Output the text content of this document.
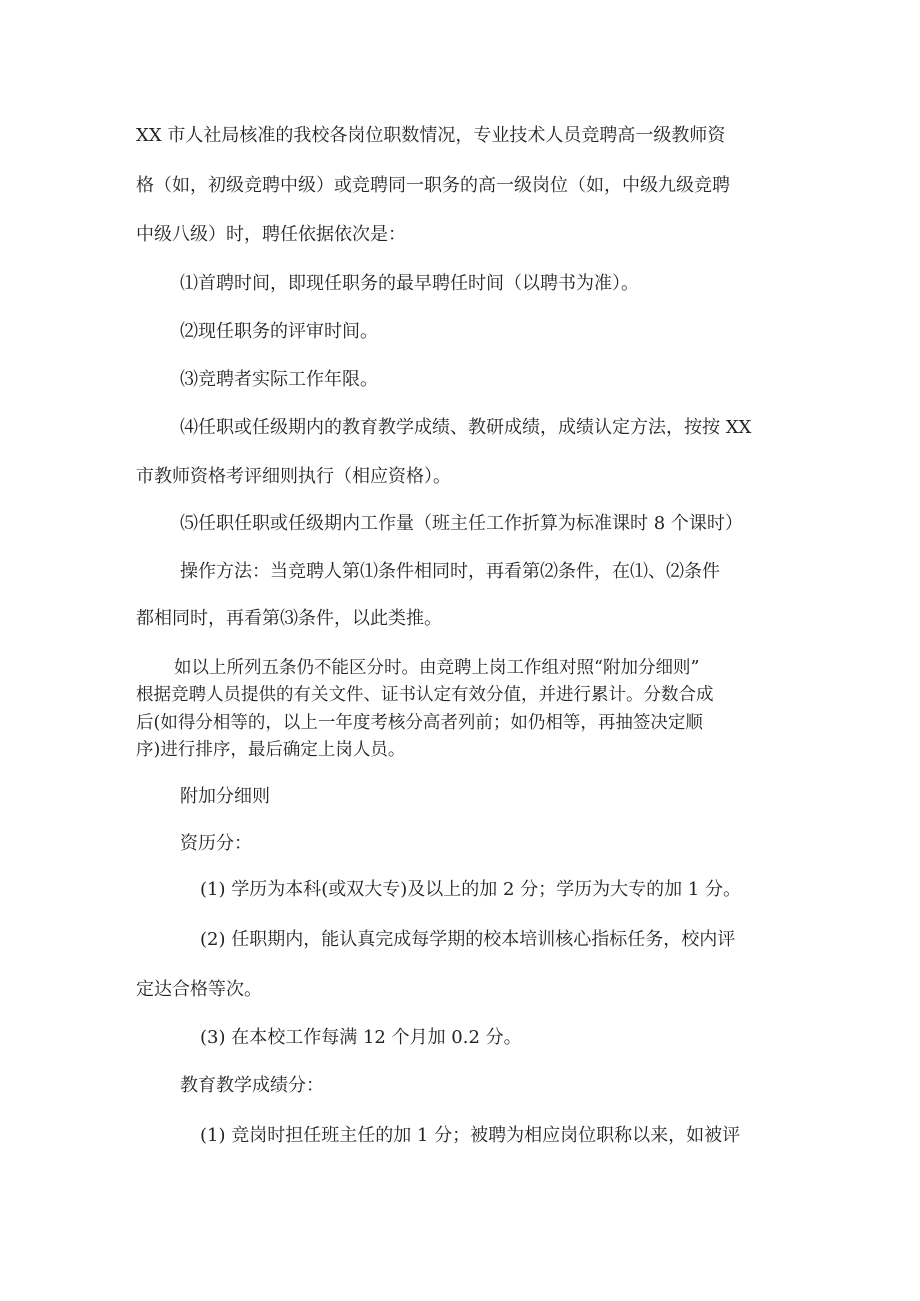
XX 市人社局核准的我校各岗位职数情况，专业技术人员竞聘高一级教师资

格（如，初级竞聘中级）或竞聘同一职务的高一级岗位（如，中级九级竞聘

中级八级）时，聘任依据依次是：

⑴首聘时间，即现任职务的最早聘任时间（以聘书为准）。

⑵现任职务的评审时间。

⑶竞聘者实际工作年限。

⑷任职或任级期内的教育教学成绩、教研成绩，成绩认定方法，按按 XX

市教师资格考评细则执行（相应资格）。

⑸任职任职或任级期内工作量（班主任工作折算为标准课时 8 个课时）

操作方法：当竞聘人第⑴条件相同时，再看第⑵条件，在⑴、⑵条件

都相同时，再看第⑶条件，以此类推。

如以上所列五条仍不能区分时。由竞聘上岗工作组对照“附加分细则”

根据竞聘人员提供的有关文件、证书认定有效分值，并进行累计。分数合成

后(如得分相等的，以上一年度考核分高者列前；如仍相等，再抽签决定顺

序)进行排序，最后确定上岗人员。

附加分细则

资历分：

(1) 学历为本科(或双大专)及以上的加 2 分；学历为大专的加 1 分。

(2) 任职期内，能认真完成每学期的校本培训核心指标任务，校内评

定达合格等次。

(3) 在本校工作每满 12 个月加 0.2 分。

教育教学成绩分：

(1) 竞岗时担任班主任的加 1 分；被聘为相应岗位职称以来，如被评
